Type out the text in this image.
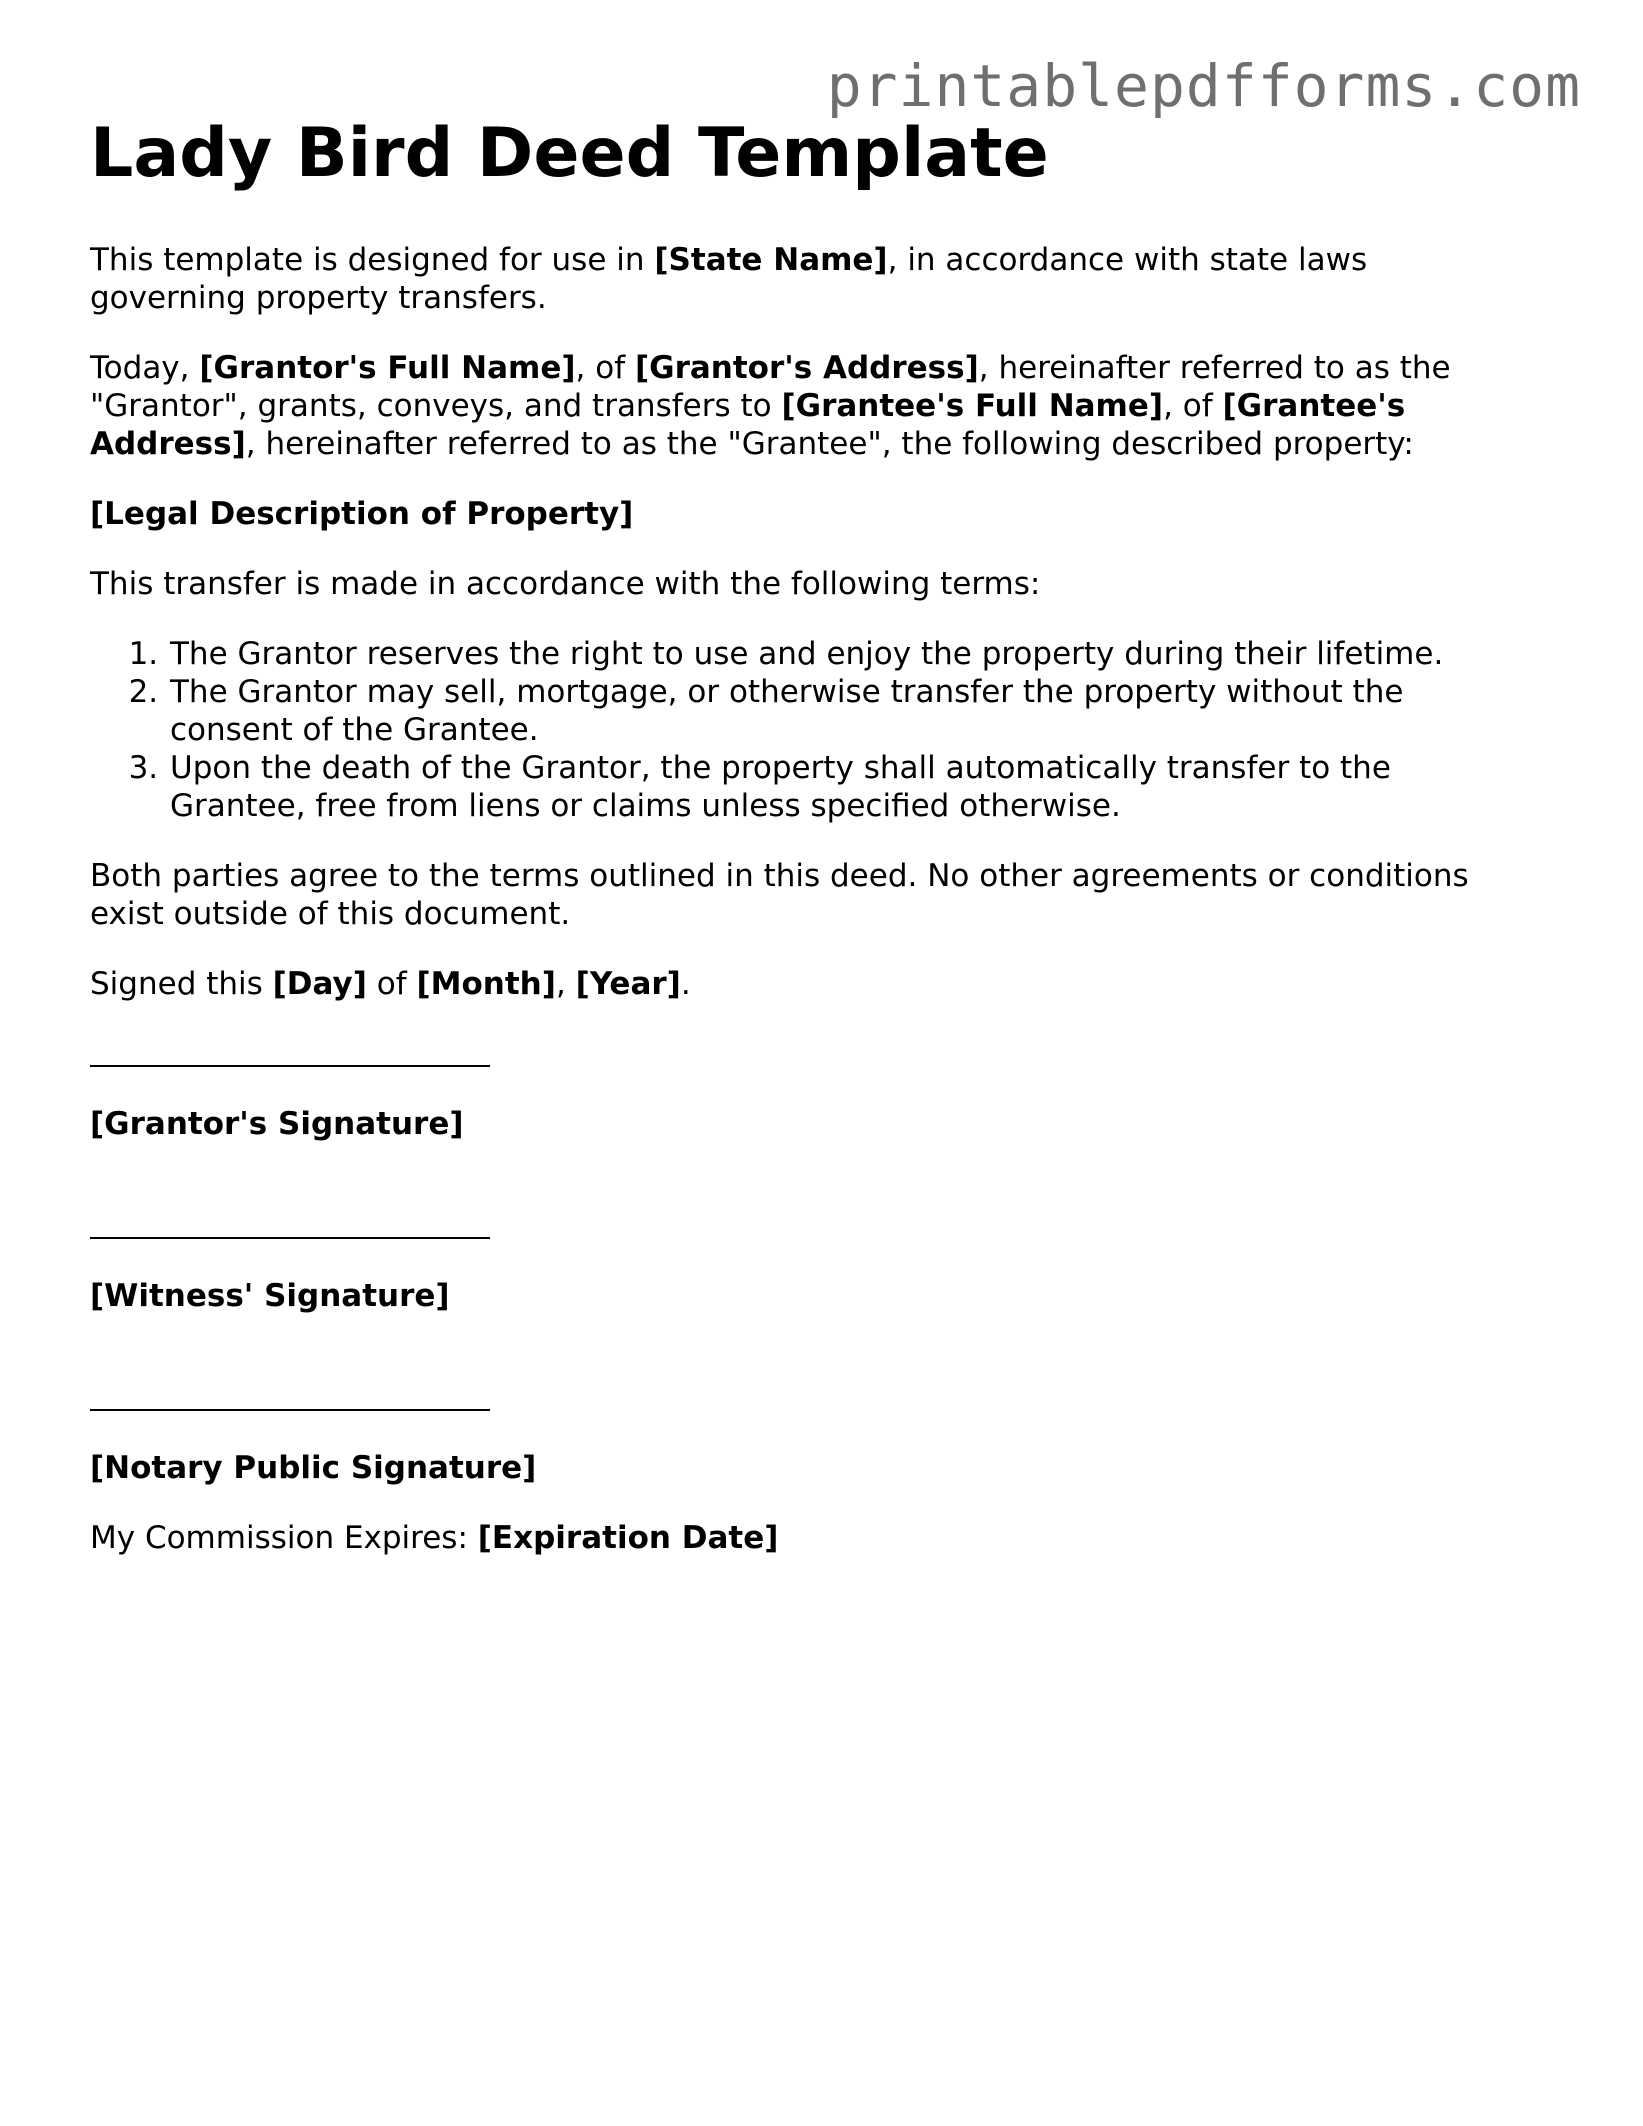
printablepdfforms.com
Lady Bird Deed Template

This template is designed for use in [State Name], in accordance with state laws governing property transfers.

Today, [Grantor's Full Name], of [Grantor's Address], hereinafter referred to as the "Grantor", grants, conveys, and transfers to [Grantee's Full Name], of [Grantee's Address], hereinafter referred to as the "Grantee", the following described property:

[Legal Description of Property]

This transfer is made in accordance with the following terms:

1. The Grantor reserves the right to use and enjoy the property during their lifetime.
2. The Grantor may sell, mortgage, or otherwise transfer the property without the consent of the Grantee.
3. Upon the death of the Grantor, the property shall automatically transfer to the Grantee, free from liens or claims unless specified otherwise.

Both parties agree to the terms outlined in this deed. No other agreements or conditions exist outside of this document.

Signed this [Day] of [Month], [Year].

[Grantor's Signature]
[Witness' Signature]
[Notary Public Signature]

My Commission Expires: [Expiration Date]
